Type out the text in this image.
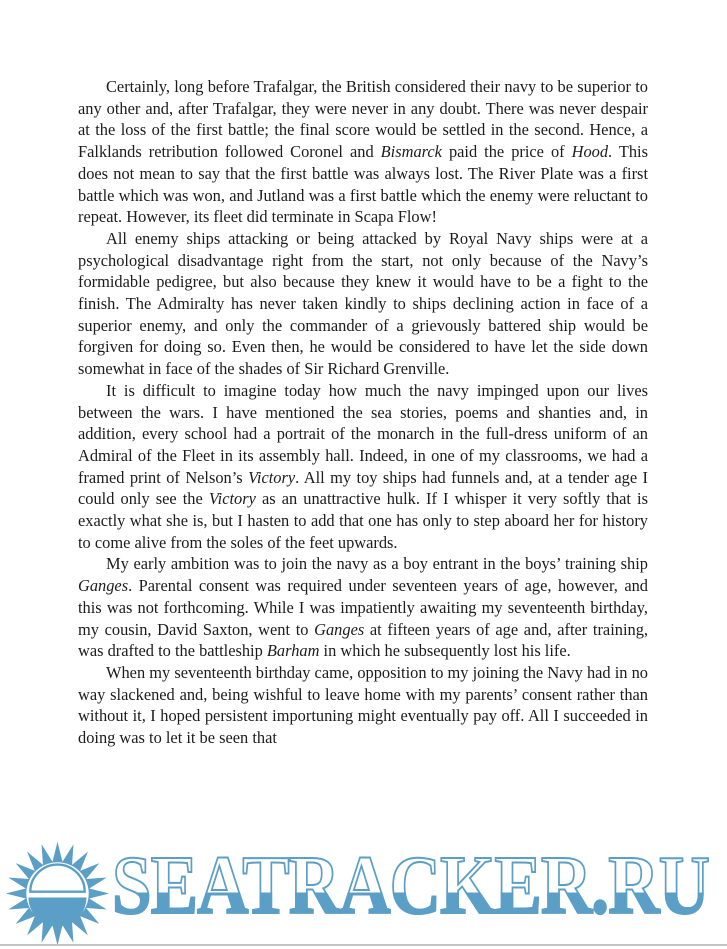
Certainly, long before Trafalgar, the British considered their navy to be superior to any other and, after Trafalgar, they were never in any doubt. There was never despair at the loss of the first battle; the final score would be settled in the second. Hence, a Falklands retribution followed Coronel and Bismarck paid the price of Hood. This does not mean to say that the first battle was always lost. The River Plate was a first battle which was won, and Jutland was a first battle which the enemy were reluctant to repeat. However, its fleet did terminate in Scapa Flow!

All enemy ships attacking or being attacked by Royal Navy ships were at a psychological disadvantage right from the start, not only because of the Navy’s formidable pedigree, but also because they knew it would have to be a fight to the finish. The Admiralty has never taken kindly to ships declining action in face of a superior enemy, and only the commander of a grievously battered ship would be forgiven for doing so. Even then, he would be considered to have let the side down somewhat in face of the shades of Sir Richard Grenville.

It is difficult to imagine today how much the navy impinged upon our lives between the wars. I have mentioned the sea stories, poems and shanties and, in addition, every school had a portrait of the monarch in the full-dress uniform of an Admiral of the Fleet in its assembly hall. Indeed, in one of my classrooms, we had a framed print of Nelson’s Victory. All my toy ships had funnels and, at a tender age I could only see the Victory as an unattractive hulk. If I whisper it very softly that is exactly what she is, but I hasten to add that one has only to step aboard her for history to come alive from the soles of the feet upwards.

My early ambition was to join the navy as a boy entrant in the boys’ training ship Ganges. Parental consent was required under seventeen years of age, however, and this was not forthcoming. While I was impatiently awaiting my seventeenth birthday, my cousin, David Saxton, went to Ganges at fifteen years of age and, after training, was drafted to the battleship Barham in which he subsequently lost his life.

When my seventeenth birthday came, opposition to my joining the Navy had in no way slackened and, being wishful to leave home with my parents’ consent rather than without it, I hoped persistent importuning might eventually pay off. All I succeeded in doing was to let it be seen that

SEATRACKER.RU
